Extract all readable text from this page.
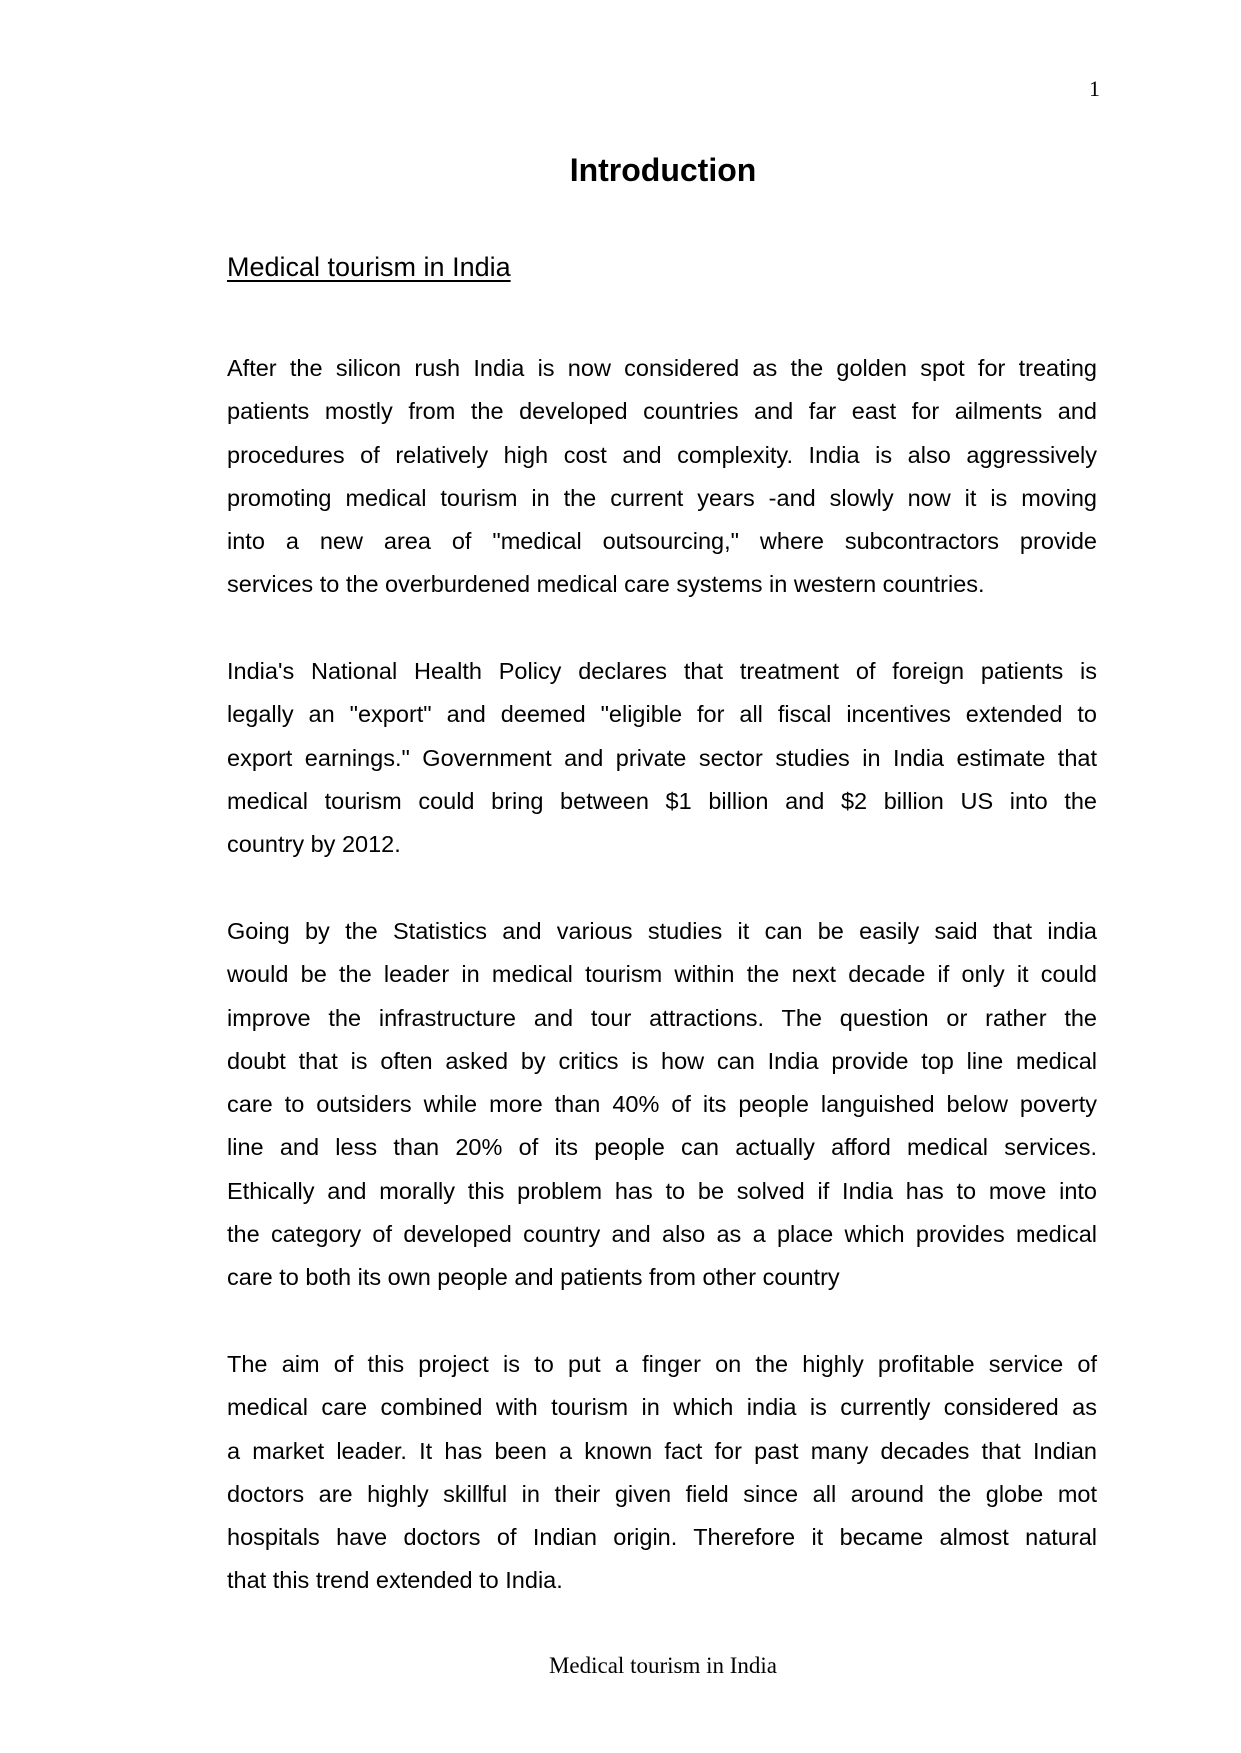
1
Introduction
Medical tourism in India
After the silicon rush India is now considered as the golden spot for treating
patients mostly from the developed countries and far east for ailments and
procedures of relatively high cost and complexity. India is also aggressively
promoting medical tourism in the current years -and slowly now it is moving
into a new area of "medical outsourcing," where subcontractors provide
services to the overburdened medical care systems in western countries.
India's National Health Policy declares that treatment of foreign patients is
legally an "export" and deemed "eligible for all fiscal incentives extended to
export earnings." Government and private sector studies in India estimate that
medical tourism could bring between $1 billion and $2 billion US into the
country by 2012.
Going by the Statistics and various studies it can be easily said that india
would be the leader in medical tourism within the next decade if only it could
improve the infrastructure and tour attractions. The question or rather the
doubt that is often asked by critics is how can India provide top line medical
care to outsiders while more than 40% of its people languished below poverty
line and less than 20% of its people can actually afford medical services.
Ethically and morally this problem has to be solved if India has to move into
the category of developed country and also as a place which provides medical
care to both its own people and patients from other country
The aim of this project is to put a finger on the highly profitable service of
medical care combined with tourism in which india is currently considered as
a market leader. It has been a known fact for past many decades that Indian
doctors are highly skillful in their given field since all around the globe mot
hospitals have doctors of Indian origin. Therefore it became almost natural
that this trend extended to India.
Medical tourism in India
